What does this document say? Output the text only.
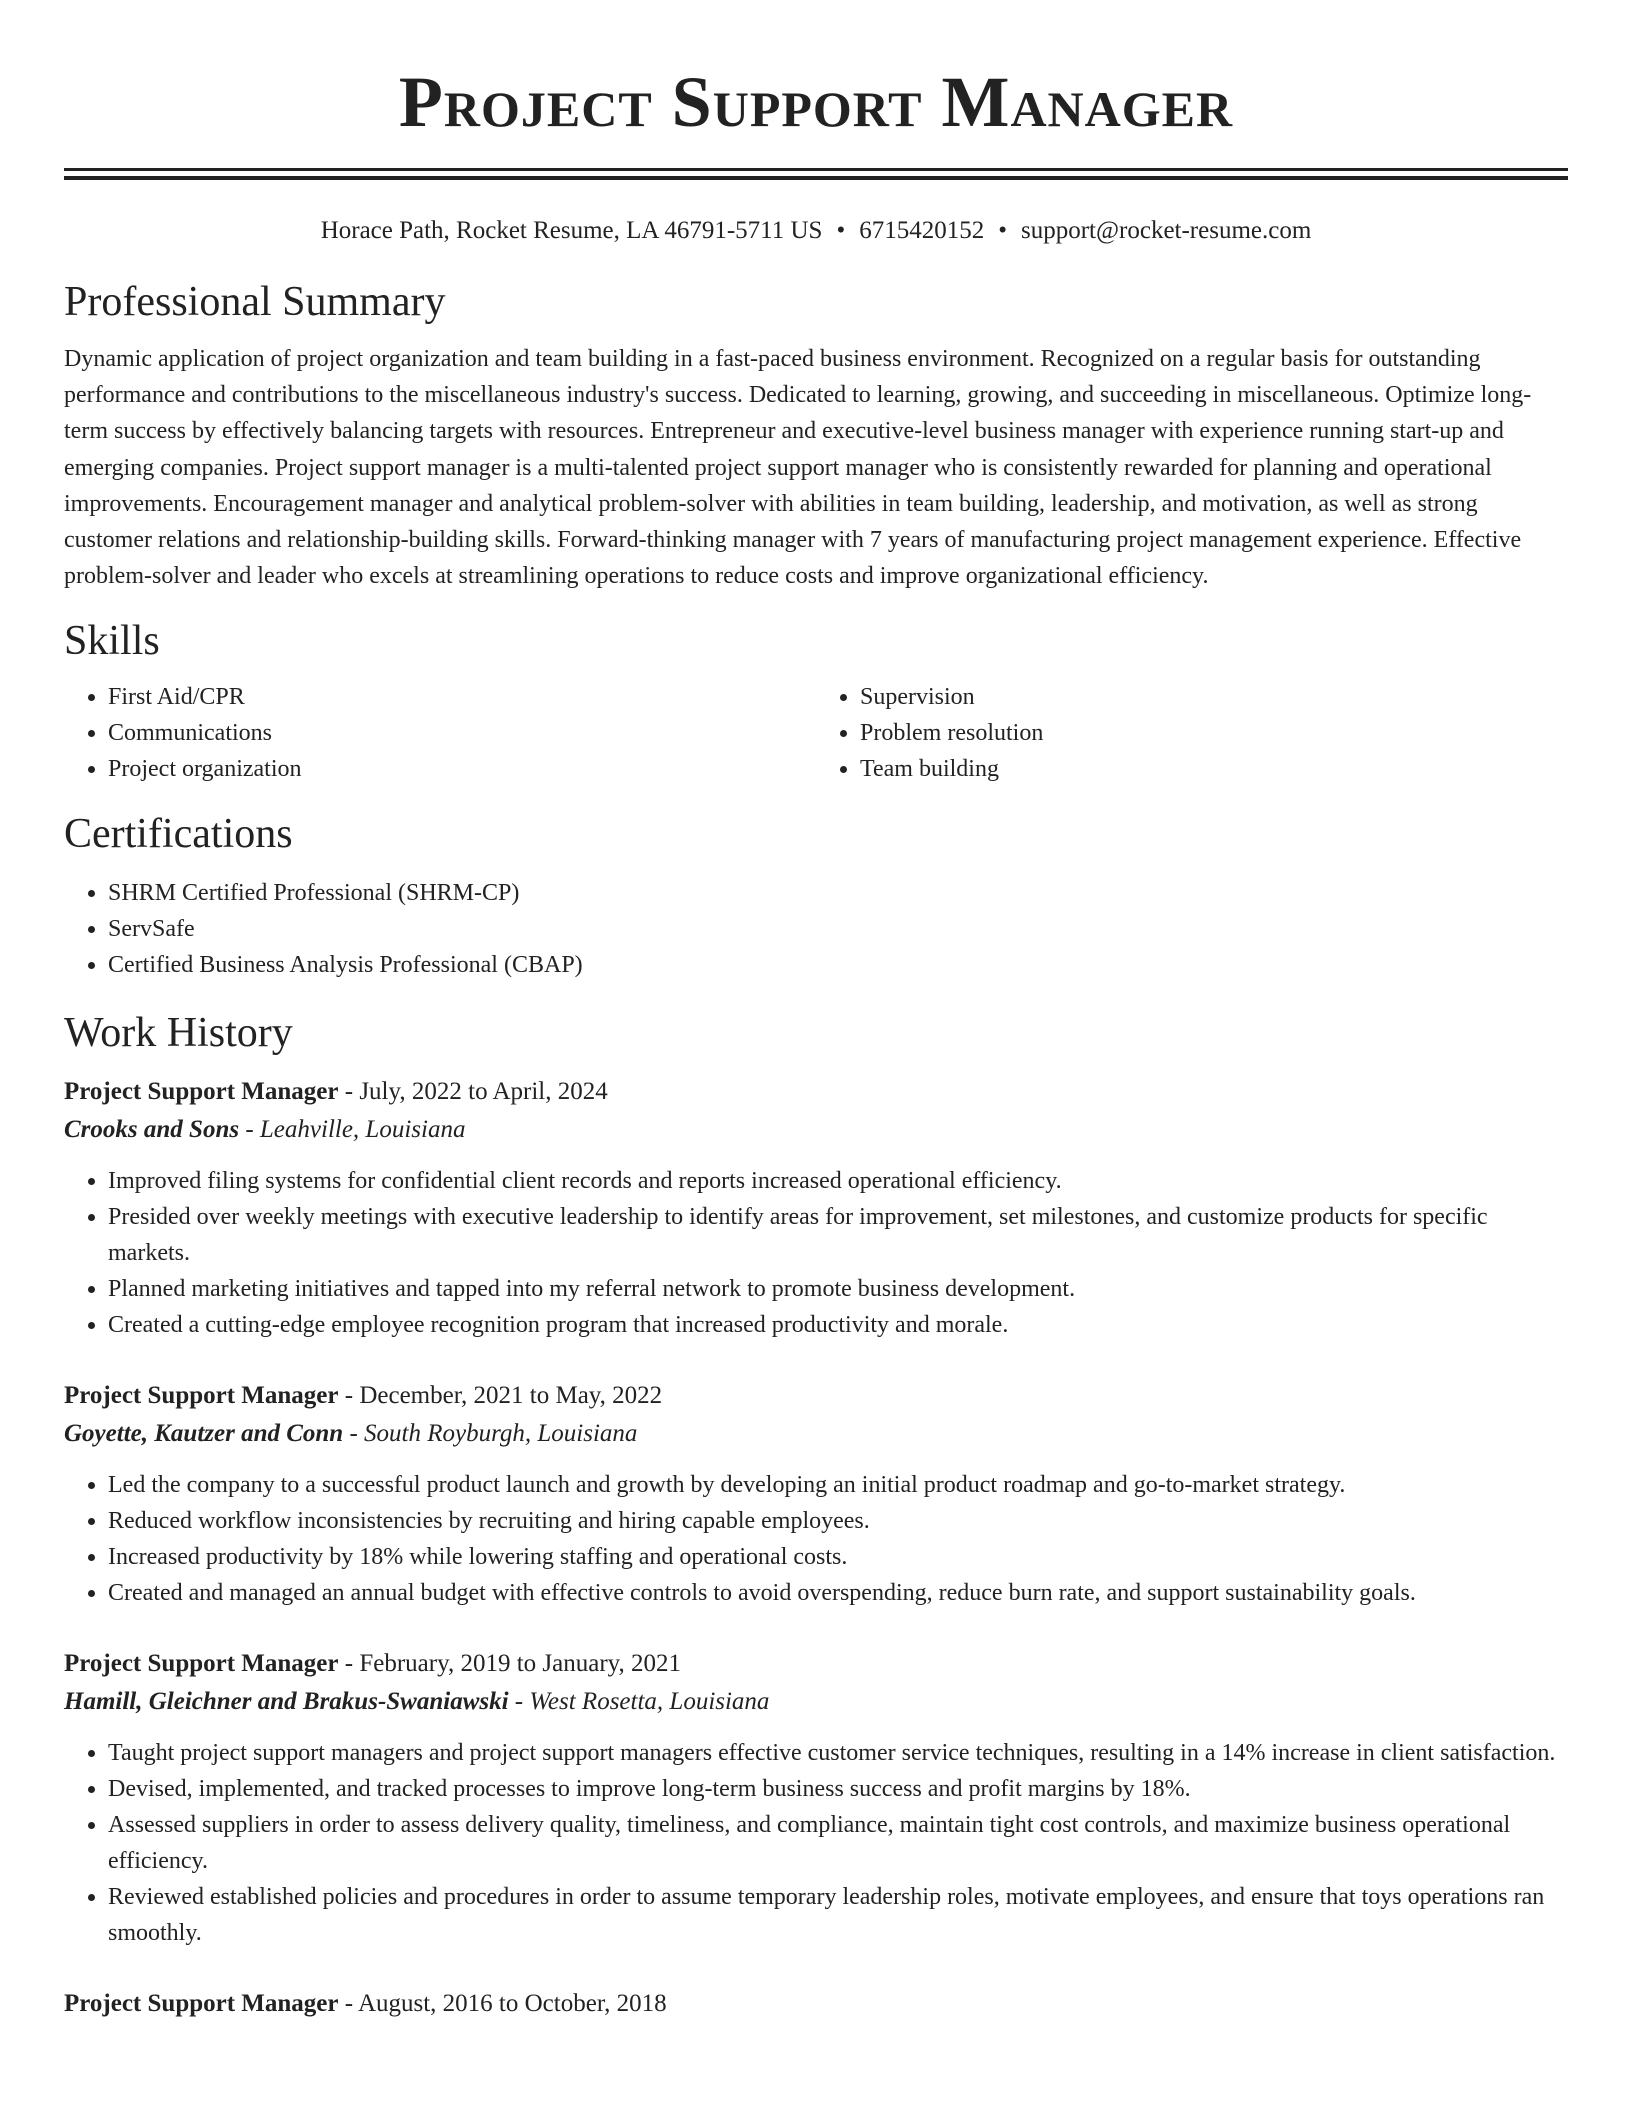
Project Support Manager
Horace Path, Rocket Resume, LA 46791-5711 US • 6715420152 • support@rocket-resume.com
Professional Summary

Dynamic application of project organization and team building in a fast-paced business environment. Recognized on a regular basis for outstanding performance and contributions to the miscellaneous industry's success. Dedicated to learning, growing, and succeeding in miscellaneous. Optimize long-term success by effectively balancing targets with resources. Entrepreneur and executive-level business manager with experience running start-up and emerging companies. Project support manager is a multi-talented project support manager who is consistently rewarded for planning and operational improvements. Encouragement manager and analytical problem-solver with abilities in team building, leadership, and motivation, as well as strong customer relations and relationship-building skills. Forward-thinking manager with 7 years of manufacturing project management experience. Effective problem-solver and leader who excels at streamlining operations to reduce costs and improve organizational efficiency.

Skills
• First Aid/CPR
• Communications
• Project organization
• Supervision
• Problem resolution
• Team building
Certifications
• SHRM Certified Professional (SHRM-CP)
• ServSafe
• Certified Business Analysis Professional (CBAP)
Work History
Project Support Manager - July, 2022 to April, 2024
Crooks and Sons - Leahville, Louisiana
• Improved filing systems for confidential client records and reports increased operational efficiency.
• Presided over weekly meetings with executive leadership to identify areas for improvement, set milestones, and customize products for specific markets.
• Planned marketing initiatives and tapped into my referral network to promote business development.
• Created a cutting-edge employee recognition program that increased productivity and morale.
Project Support Manager - December, 2021 to May, 2022
Goyette, Kautzer and Conn - South Royburgh, Louisiana
• Led the company to a successful product launch and growth by developing an initial product roadmap and go-to-market strategy.
• Reduced workflow inconsistencies by recruiting and hiring capable employees.
• Increased productivity by 18% while lowering staffing and operational costs.
• Created and managed an annual budget with effective controls to avoid overspending, reduce burn rate, and support sustainability goals.
Project Support Manager - February, 2019 to January, 2021
Hamill, Gleichner and Brakus-Swaniawski - West Rosetta, Louisiana
• Taught project support managers and project support managers effective customer service techniques, resulting in a 14% increase in client satisfaction.
• Devised, implemented, and tracked processes to improve long-term business success and profit margins by 18%.
• Assessed suppliers in order to assess delivery quality, timeliness, and compliance, maintain tight cost controls, and maximize business operational efficiency.
• Reviewed established policies and procedures in order to assume temporary leadership roles, motivate employees, and ensure that toys operations ran smoothly.
Project Support Manager - August, 2016 to October, 2018
